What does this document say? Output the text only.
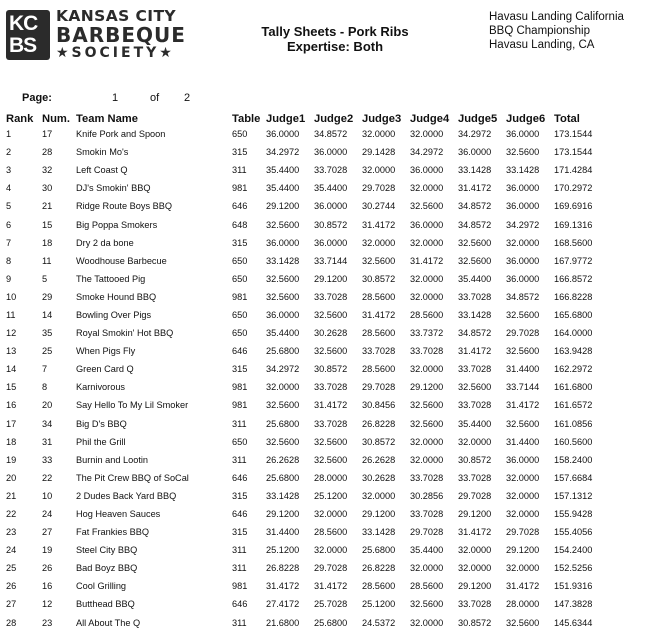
KC
BS
KANSAS CITY
BARBEQUE
★SOCIETY★
Tally Sheets - Pork Ribs
Expertise: Both
Havasu Landing California BBQ Championship
Havasu Landing, CA
Page:	1	of 2
Rank	Num.	Team Name	Table	Judge1	Judge2	Judge3	Judge4	Judge5	Judge6	Total
1	17	Knife Pork and Spoon	650	36.0000	34.8572	32.0000	32.0000	34.2972	36.0000	173.1544
2	28	Smokin Mo's	315	34.2972	36.0000	29.1428	34.2972	36.0000	32.5600	173.1544
3	32	Left Coast Q	311	35.4400	33.7028	32.0000	36.0000	33.1428	33.1428	171.4284
4	30	DJ's Smokin' BBQ	981	35.4400	35.4400	29.7028	32.0000	31.4172	36.0000	170.2972
5	21	Ridge Route Boys BBQ	646	29.1200	36.0000	30.2744	32.5600	34.8572	36.0000	169.6916
6	15	Big Poppa Smokers	648	32.5600	30.8572	31.4172	36.0000	34.8572	34.2972	169.1316
7	18	Dry 2 da bone	315	36.0000	36.0000	32.0000	32.0000	32.5600	32.0000	168.5600
8	11	Woodhouse Barbecue	650	33.1428	33.7144	32.5600	31.4172	32.5600	36.0000	167.9772
9	5	The Tattooed Pig	650	32.5600	29.1200	30.8572	32.0000	35.4400	36.0000	166.8572
10	29	Smoke Hound BBQ	981	32.5600	33.7028	28.5600	32.0000	33.7028	34.8572	166.8228
11	14	Bowling Over Pigs	650	36.0000	32.5600	31.4172	28.5600	33.1428	32.5600	165.6800
12	35	Royal Smokin' Hot BBQ	650	35.4400	30.2628	28.5600	33.7372	34.8572	29.7028	164.0000
13	25	When Pigs Fly	646	25.6800	32.5600	33.7028	33.7028	31.4172	32.5600	163.9428
14	7	Green Card Q	315	34.2972	30.8572	28.5600	32.0000	33.7028	31.4400	162.2972
15	8	Karnivorous	981	32.0000	33.7028	29.7028	29.1200	32.5600	33.7144	161.6800
16	20	Say Hello To My Lil Smoker	981	32.5600	31.4172	30.8456	32.5600	33.7028	31.4172	161.6572
17	34	Big D's BBQ	311	25.6800	33.7028	26.8228	32.5600	35.4400	32.5600	161.0856
18	31	Phil the Grill	650	32.5600	32.5600	30.8572	32.0000	32.0000	31.4400	160.5600
19	33	Burnin and Lootin	311	26.2628	32.5600	26.2628	32.0000	30.8572	36.0000	158.2400
20	22	The Pit Crew BBQ of SoCal	646	25.6800	28.0000	30.2628	33.7028	33.7028	32.0000	157.6684
21	10	2 Dudes Back Yard BBQ	315	33.1428	25.1200	32.0000	30.2856	29.7028	32.0000	157.1312
22	24	Hog Heaven Sauces	646	29.1200	32.0000	29.1200	33.7028	29.1200	32.0000	155.9428
23	27	Fat Frankies BBQ	315	31.4400	28.5600	33.1428	29.7028	31.4172	29.7028	155.4056
24	19	Steel City BBQ	311	25.1200	32.0000	25.6800	35.4400	32.0000	29.1200	154.2400
25	26	Bad Boyz BBQ	311	26.8228	29.7028	26.8228	32.0000	32.0000	32.0000	152.5256
26	16	Cool Grilling	981	31.4172	31.4172	28.5600	28.5600	29.1200	31.4172	151.9316
27	12	Butthead BBQ	646	27.4172	25.7028	25.1200	32.5600	33.7028	28.0000	147.3828
28	23	All About The Q	311	21.6800	25.6800	24.5372	32.0000	30.8572	32.5600	145.6344
